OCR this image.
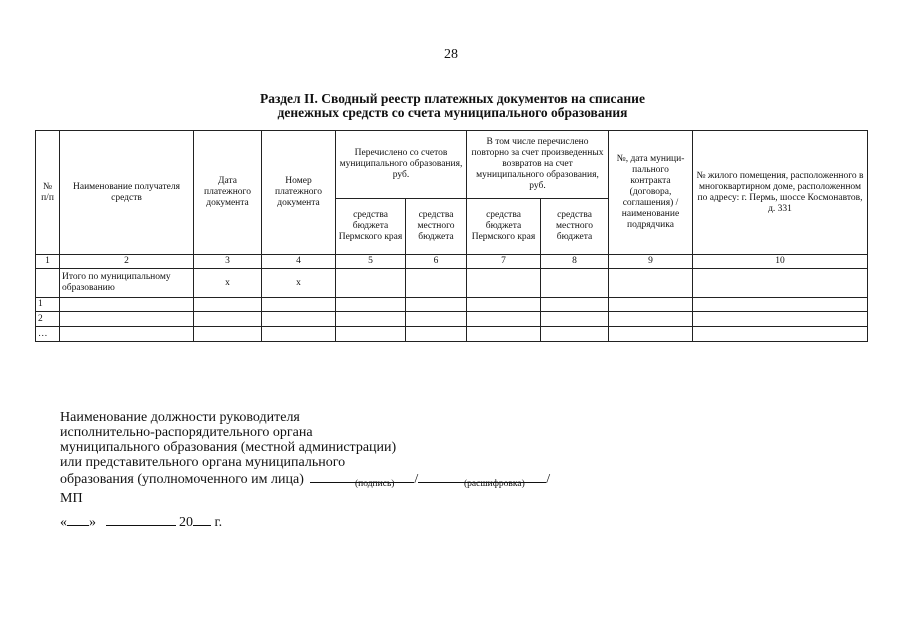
28
Раздел II. Сводный реестр платежных документов на списание
денежных средств со счета муниципального образования
№ п/п	Наименование получателя средств	Дата платежного документа	Номер платежного документа	Перечислено со счетов муниципального образования, руб.		В том числе перечислено повторно за счет произведенных возвратов на счет муниципального образования, руб.		№, дата муници-пального контракта (договора, соглашения) / наименование подрядчика	№ жилого помещения, расположенного в многоквартирном доме, расположенном по адресу: г. Пермь, шоссе Космонавтов, д. 331
				средства бюджета Пермского края	средства местного бюджета	средства бюджета Пермского края	средства местного бюджета		
1	2	3	4	5	6	7	8	9	10
	Итого по муниципальному образованию	x	x						
1									
2									
…									
Наименование должности руководителя
исполнительно-распорядительного органа
муниципального образования (местной администрации)
или представительного органа муниципального
образования (уполномоченного им лица)	/	/
(подпись)	(расшифровка)
МП
« »	20 г.
